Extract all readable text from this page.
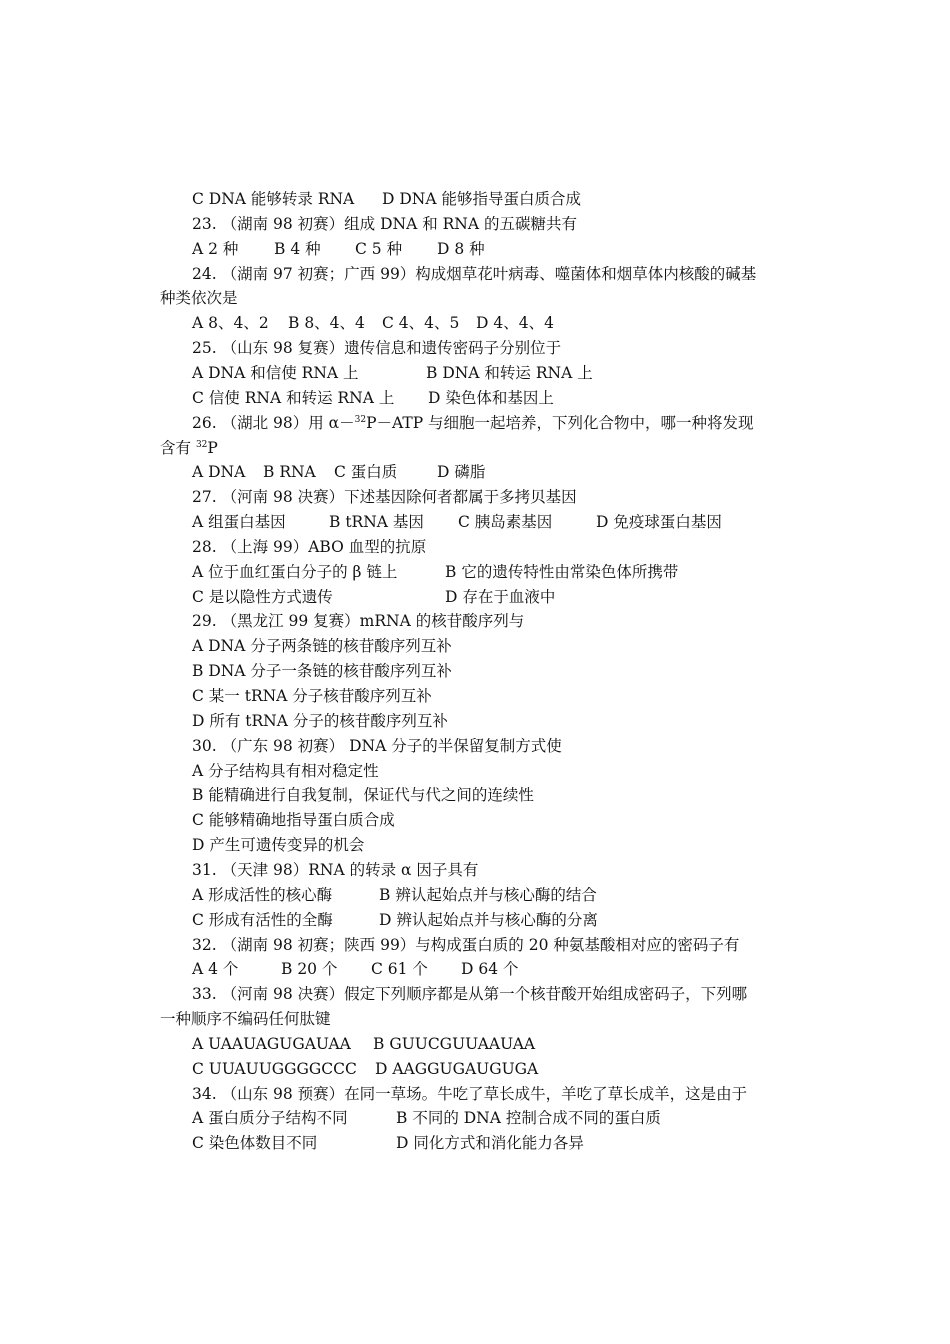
C DNA 能够转录 RNA D DNA 能够指导蛋白质合成
23. （湖南 98 初赛）组成 DNA 和 RNA 的五碳糖共有
A 2 种 B 4 种 C 5 种 D 8 种
24. （湖南 97 初赛；广西 99）构成烟草花叶病毒、噬菌体和烟草体内核酸的碱基
种类依次是
A 8、4、2 B 8、4、4 C 4、4、5 D 4、4、4
25. （山东 98 复赛）遗传信息和遗传密码子分别位于
A DNA 和信使 RNA 上	B DNA 和转运 RNA 上
C 信使 RNA 和转运 RNA 上 D 染色体和基因上
26. （湖北 98）用 α－$^{32}$P－ATP 与细胞一起培养，下列化合物中，哪一种将发现
含有 $^{32}$P
A DNA B RNA C 蛋白质	D 磷脂
27. （河南 98 决赛）下述基因除何者都属于多拷贝基因
A 组蛋白基因	B tRNA 基因 C 胰岛素基因	D 免疫球蛋白基因
28. （上海 99）ABO 血型的抗原
A 位于血红蛋白分子的 β 链上	B 它的遗传特性由常染色体所携带
C 是以隐性方式遗传	D 存在于血液中
29. （黑龙江 99 复赛）mRNA 的核苷酸序列与
A DNA 分子两条链的核苷酸序列互补
B DNA 分子一条链的核苷酸序列互补
C 某一 tRNA 分子核苷酸序列互补
D 所有 tRNA 分子的核苷酸序列互补
30. （广东 98 初赛） DNA 分子的半保留复制方式使
A 分子结构具有相对稳定性
B 能精确进行自我复制，保证代与代之间的连续性
C 能够精确地指导蛋白质合成
D 产生可遗传变异的机会
31. （天津 98）RNA 的转录 α 因子具有
A 形成活性的核心酶	B 辨认起始点并与核心酶的结合
C 形成有活性的全酶	D 辨认起始点并与核心酶的分离
32. （湖南 98 初赛；陕西 99）与构成蛋白质的 20 种氨基酸相对应的密码子有
A 4 个	B 20 个 C 61 个 D 64 个
33. （河南 98 决赛）假定下列顺序都是从第一个核苷酸开始组成密码子，下列哪
一种顺序不编码任何肽键
A UAAUAGUGAUAA B GUUCGUUAAUAA
C UUAUUGGGGCCC D AAGGUGAUGUGA
34. （山东 98 预赛）在同一草场。牛吃了草长成牛，羊吃了草长成羊，这是由于
A 蛋白质分子结构不同	B 不同的 DNA 控制合成不同的蛋白质
C 染色体数目不同	D 同化方式和消化能力各异
